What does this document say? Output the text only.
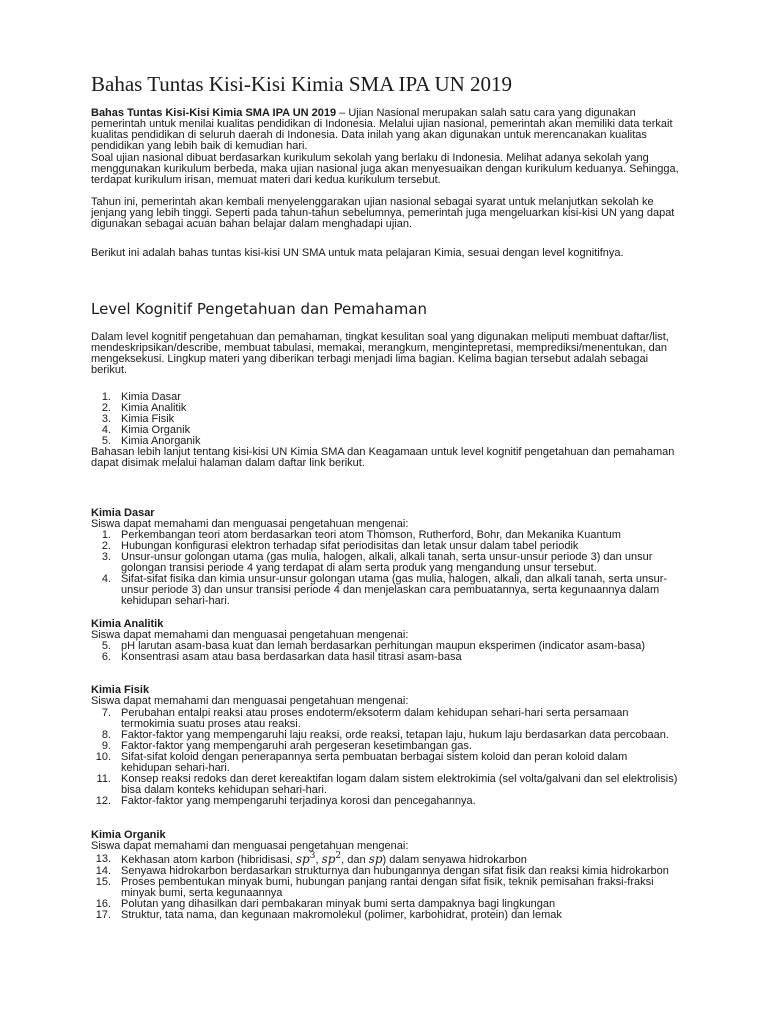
Bahas Tuntas Kisi-Kisi Kimia SMA IPA UN 2019

Bahas Tuntas Kisi-Kisi Kimia SMA IPA UN 2019 – Ujian Nasional merupakan salah satu cara yang digunakan pemerintah untuk menilai kualitas pendidikan di Indonesia. Melalui ujian nasional, pemerintah akan memiliki data terkait kualitas pendidikan di seluruh daerah di Indonesia. Data inilah yang akan digunakan untuk merencanakan kualitas pendidikan yang lebih baik di kemudian hari.

Soal ujian nasional dibuat berdasarkan kurikulum sekolah yang berlaku di Indonesia. Melihat adanya sekolah yang menggunakan kurikulum berbeda, maka ujian nasional juga akan menyesuaikan dengan kurikulum keduanya. Sehingga, terdapat kurikulum irisan, memuat materi dari kedua kurikulum tersebut.

Tahun ini, pemerintah akan kembali menyelenggarakan ujian nasional sebagai syarat untuk melanjutkan sekolah ke jenjang yang lebih tinggi. Seperti pada tahun-tahun sebelumnya, pemerintah juga mengeluarkan kisi-kisi UN yang dapat digunakan sebagai acuan bahan belajar dalam menghadapi ujian.

Berikut ini adalah bahas tuntas kisi-kisi UN SMA untuk mata pelajaran Kimia, sesuai dengan level kognitifnya.

Level Kognitif Pengetahuan dan Pemahaman

Dalam level kognitif pengetahuan dan pemahaman, tingkat kesulitan soal yang digunakan meliputi membuat daftar/list, mendeskripsikan/describe, membuat tabulasi, memakai, merangkum, mengintepretasi, memprediksi/menentukan, dan mengeksekusi. Lingkup materi yang diberikan terbagi menjadi lima bagian. Kelima bagian tersebut adalah sebagai berikut.

1. Kimia Dasar
2. Kimia Analitik
3. Kimia Fisik
4. Kimia Organik
5. Kimia Anorganik

Bahasan lebih lanjut tentang kisi-kisi UN Kimia SMA dan Keagamaan untuk level kognitif pengetahuan dan pemahaman dapat disimak melalui halaman dalam daftar link berikut.

Kimia Dasar

Siswa dapat memahami dan menguasai pengetahuan mengenai:

1. Perkembangan teori atom berdasarkan teori atom Thomson, Rutherford, Bohr, dan Mekanika Kuantum
2. Hubungan konfigurasi elektron terhadap sifat periodisitas dan letak unsur dalam tabel periodik
3. Unsur-unsur golongan utama (gas mulia, halogen, alkali, alkali tanah, serta unsur-unsur periode 3) dan unsur golongan transisi periode 4 yang terdapat di alam serta produk yang mengandung unsur tersebut.
4. Sifat-sifat fisika dan kimia unsur-unsur golongan utama (gas mulia, halogen, alkali, dan alkali tanah, serta unsur-unsur periode 3) dan unsur transisi periode 4 dan menjelaskan cara pembuatannya, serta kegunaannya dalam kehidupan sehari-hari.
Kimia Analitik

Siswa dapat memahami dan menguasai pengetahuan mengenai:

5. pH larutan asam-basa kuat dan lemah berdasarkan perhitungan maupun eksperimen (indicator asam-basa)
6. Konsentrasi asam atau basa berdasarkan data hasil titrasi asam-basa
Kimia Fisik

Siswa dapat memahami dan menguasai pengetahuan mengenai:

7. Perubahan entalpi reaksi atau proses endoterm/eksoterm dalam kehidupan sehari-hari serta persamaan termokimia suatu proses atau reaksi.
8. Faktor-faktor yang mempengaruhi laju reaksi, orde reaksi, tetapan laju, hukum laju berdasarkan data percobaan.
9. Faktor-faktor yang mempengaruhi arah pergeseran kesetimbangan gas.
10. Sifat-sifat koloid dengan penerapannya serta pembuatan berbagai sistem koloid dan peran koloid dalam kehidupan sehari-hari.
11. Konsep reaksi redoks dan deret kereaktifan logam dalam sistem elektrokimia (sel volta/galvani dan sel elektrolisis) bisa dalam konteks kehidupan sehari-hari.
12. Faktor-faktor yang mempengaruhi terjadinya korosi dan pencegahannya.
Kimia Organik

Siswa dapat memahami dan menguasai pengetahuan mengenai:

13. Kekhasan atom karbon (hibridisasi, $sp^3$, $sp^2$, dan sp) dalam senyawa hidrokarbon
14. Senyawa hidrokarbon berdasarkan strukturnya dan hubungannya dengan sifat fisik dan reaksi kimia hidrokarbon
15. Proses pembentukan minyak bumi, hubungan panjang rantai dengan sifat fisik, teknik pemisahan fraksi-fraksi minyak bumi, serta kegunaannya
16. Polutan yang dihasilkan dari pembakaran minyak bumi serta dampaknya bagi lingkungan
17. Struktur, tata nama, dan kegunaan makromolekul (polimer, karbohidrat, protein) dan lemak
